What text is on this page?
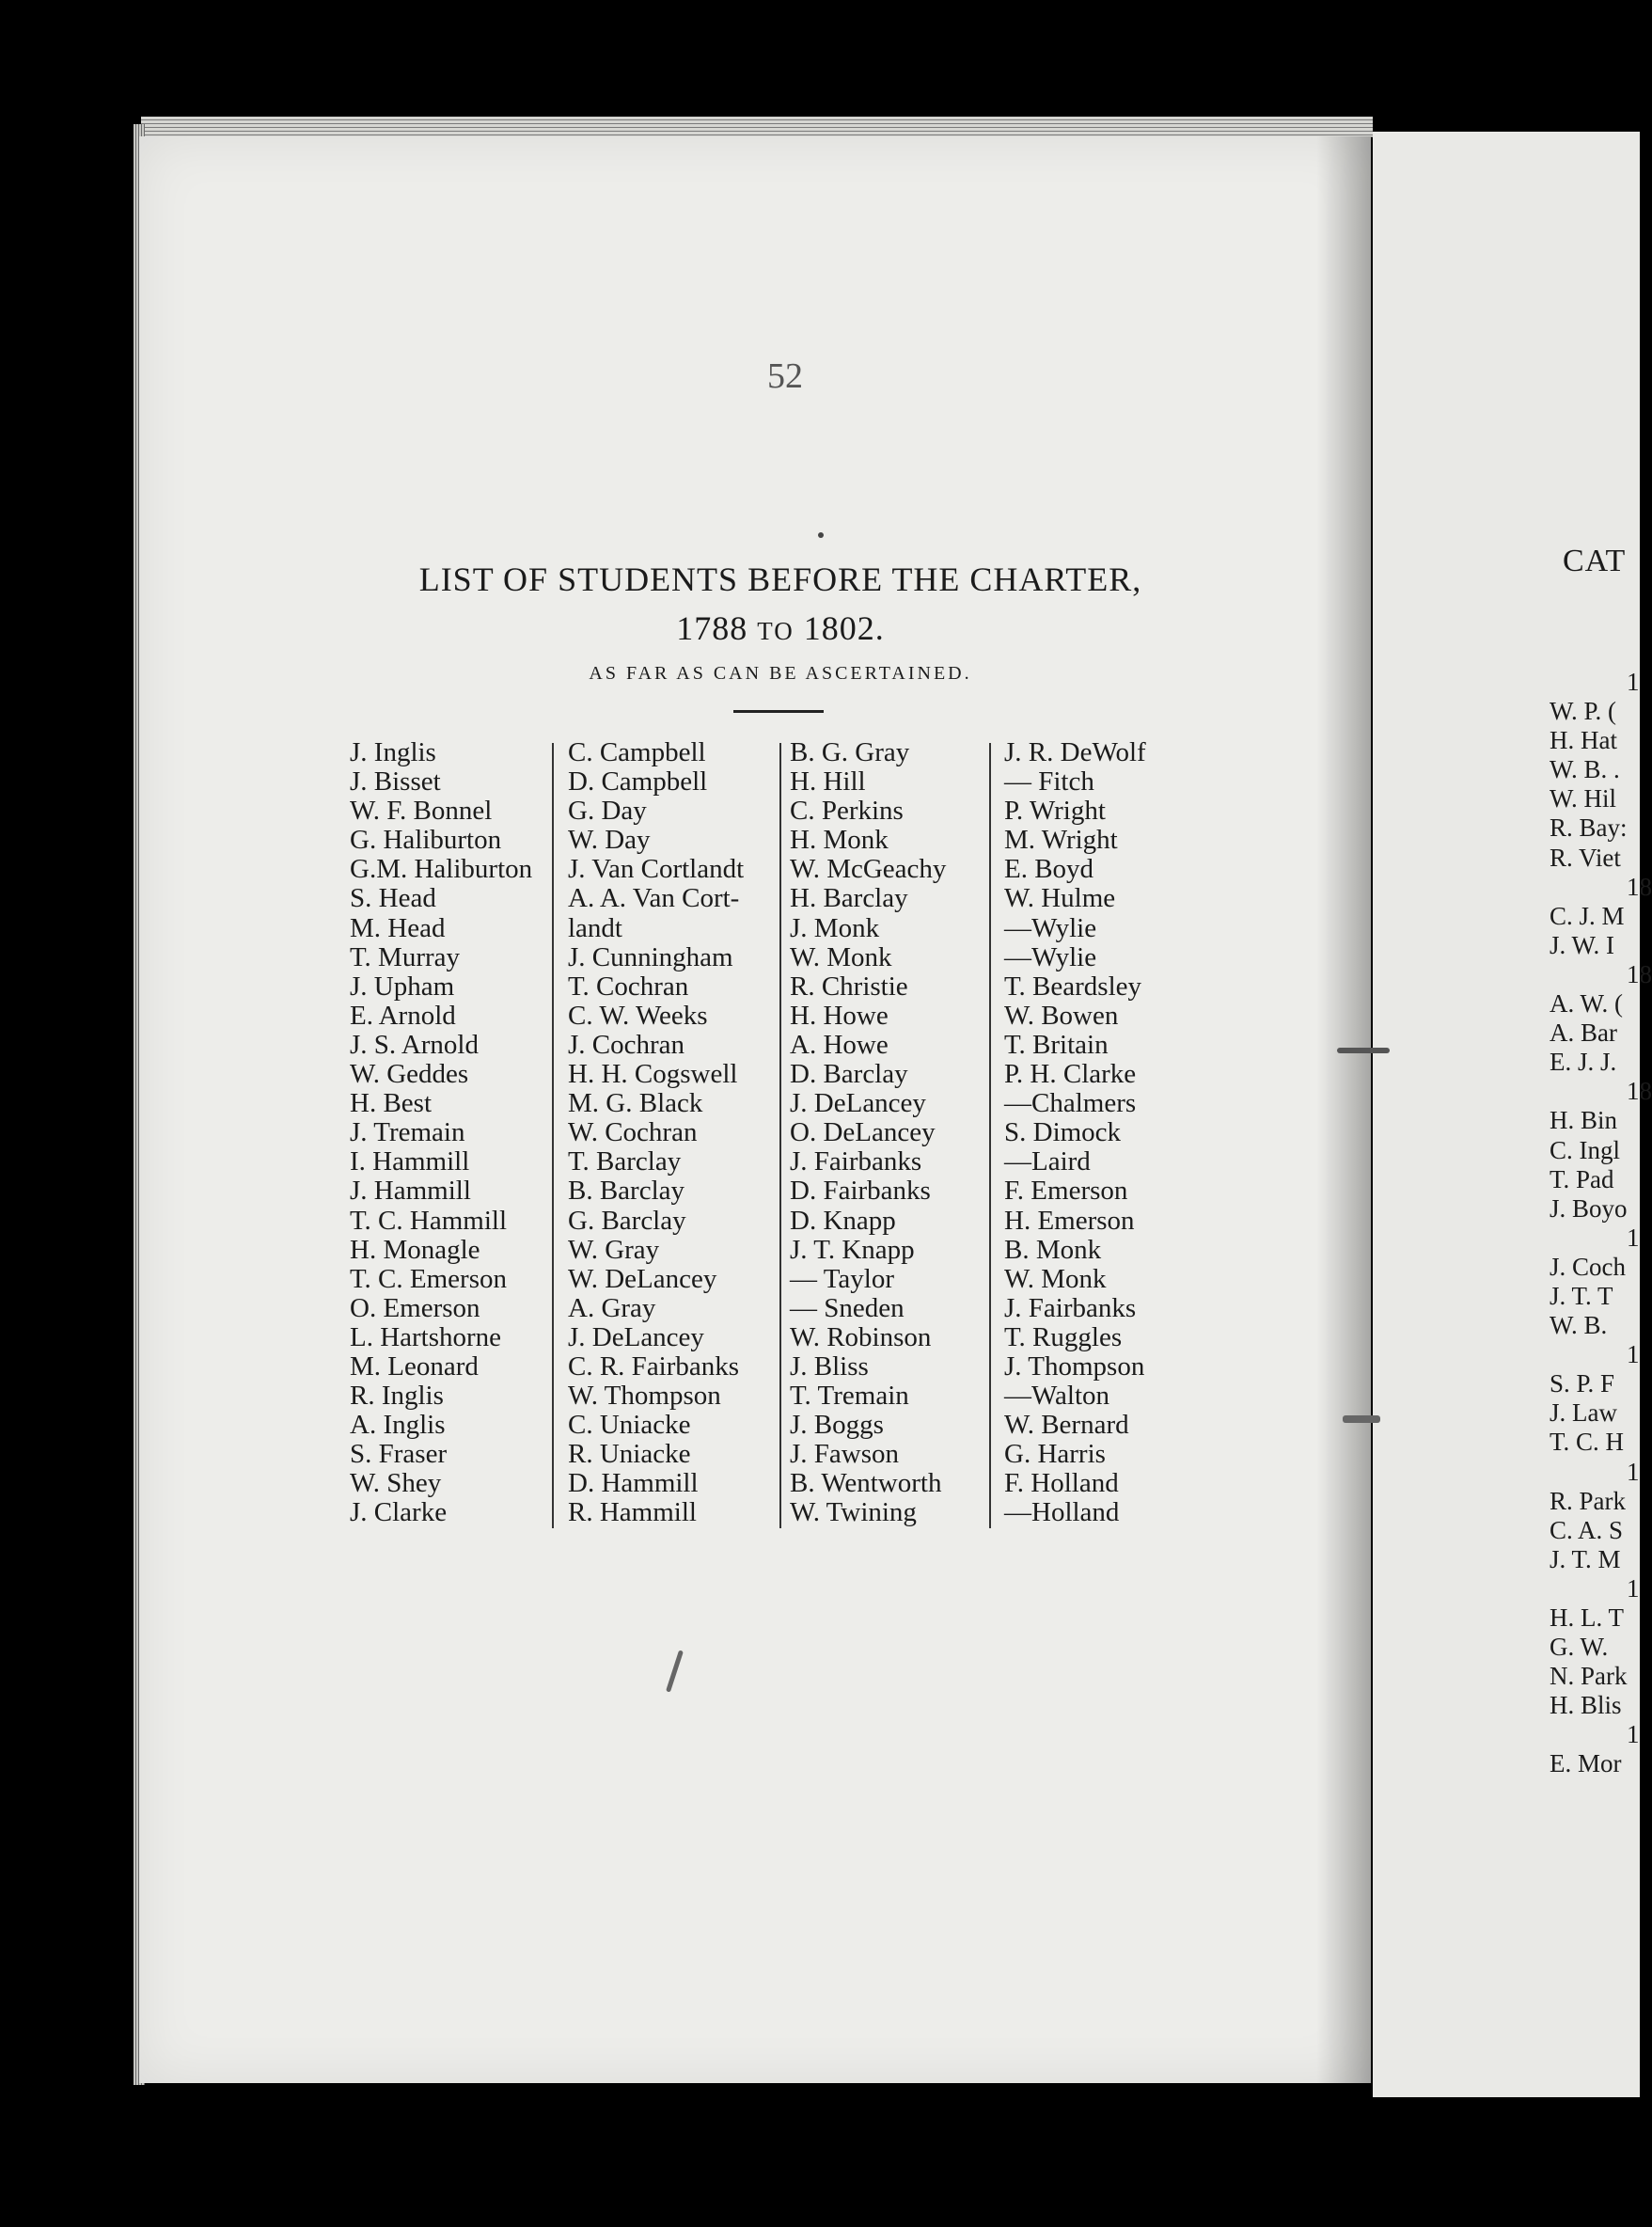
52
LIST OF STUDENTS BEFORE THE CHARTER,
1788 TO 1802.
AS FAR AS CAN BE ASCERTAINED.
J. Inglis
J. Bisset
W. F. Bonnel
G. Haliburton
G.M. Haliburton
S. Head
M. Head
T. Murray
J. Upham
E. Arnold
J. S. Arnold
W. Geddes
H. Best
J. Tremain
I. Hammill
J. Hammill
T. C. Hammill
H. Monagle
T. C. Emerson
O. Emerson
L. Hartshorne
M. Leonard
R. Inglis
A. Inglis
S. Fraser
W. Shey
J. Clarke
C. Campbell
D. Campbell
G. Day
W. Day
J. Van Cortlandt
A. A. Van Cort-
landt
J. Cunningham
T. Cochran
C. W. Weeks
J. Cochran
H. H. Cogswell
M. G. Black
W. Cochran
T. Barclay
B. Barclay
G. Barclay
W. Gray
W. DeLancey
A. Gray
J. DeLancey
C. R. Fairbanks
W. Thompson
C. Uniacke
R. Uniacke
D. Hammill
R. Hammill
B. G. Gray
H. Hill
C. Perkins
H. Monk
W. McGeachy
H. Barclay
J. Monk
W. Monk
R. Christie
H. Howe
A. Howe
D. Barclay
J. DeLancey
O. DeLancey
J. Fairbanks
D. Fairbanks
D. Knapp
J. T. Knapp
— Taylor
— Sneden
W. Robinson
J. Bliss
T. Tremain
J. Boggs
J. Fawson
B. Wentworth
W. Twining
J. R. DeWolf
— Fitch
P. Wright
M. Wright
E. Boyd
W. Hulme
—Wylie
—Wylie
T. Beardsley
W. Bowen
T. Britain
P. H. Clarke
—Chalmers
S. Dimock
—Laird
F. Emerson
H. Emerson
B. Monk
W. Monk
J. Fairbanks
T. Ruggles
J. Thompson
—Walton
W. Bernard
G. Harris
F. Holland
—Holland
CAT
1
W. P. (
H. Hat
W. B. .
W. Hil
R. Bay:
R. Viet
18
C. J. M
J. W. I
18
A. W. (
A. Bar
E. J. J.
18
H. Bin
C. Ingl
T. Pad
J. Boyo
1
J. Coch
J. T. T
W. B.
1
S. P. F
J. Law
T. C. H
1
R. Park
C. A. S
J. T. M
1
H. L. T
G. W.
N. Park
H. Blis
1
E. Mor
